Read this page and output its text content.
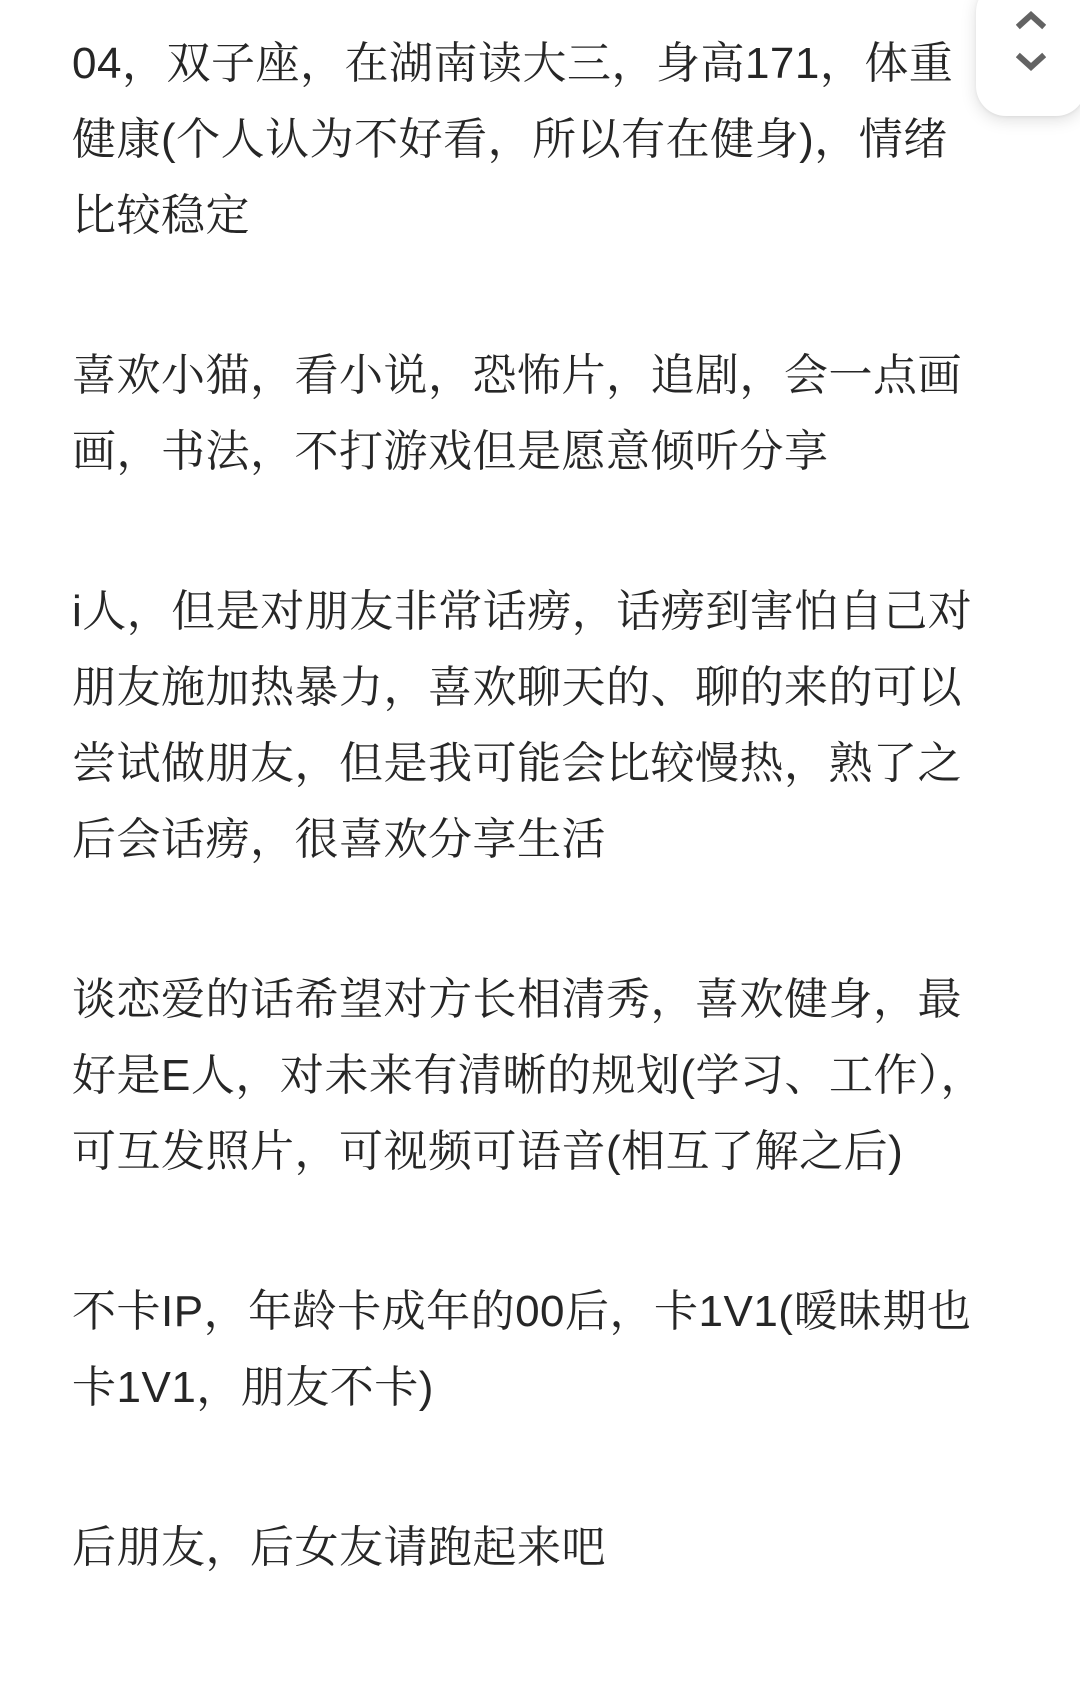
04，双子座，在湖南读大三，身高171，体重健康(个人认为不好看，所以有在健身)，情绪比较稳定

喜欢小猫，看小说，恐怖片，追剧，会一点画画，书法，不打游戏但是愿意倾听分享

i人，但是对朋友非常话痨，话痨到害怕自己对朋友施加热暴力，喜欢聊天的、聊的来的可以尝试做朋友，但是我可能会比较慢热，熟了之后会话痨，很喜欢分享生活

谈恋爱的话希望对方长相清秀，喜欢健身，最好是E人，对未来有清晰的规划(学习、工作），可互发照片，可视频可语音(相互了解之后)

不卡IP，年龄卡成年的00后，卡1V1(暧昧期也卡1V1，朋友不卡)

后朋友，后女友请跑起来吧
